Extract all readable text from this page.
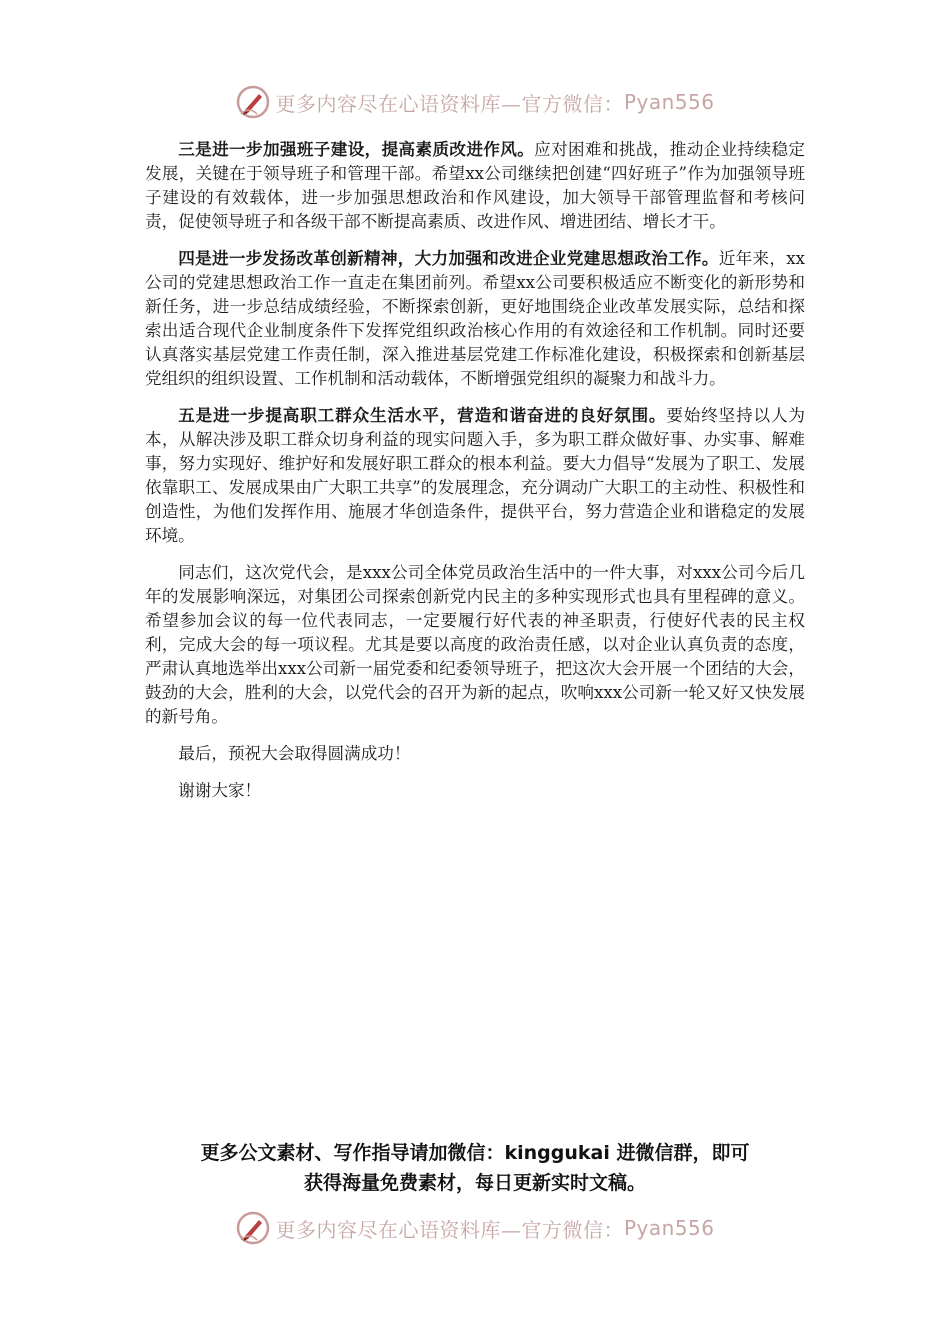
更多内容尽在心语资料库—官方微信： Pyan556

三是进一步加强班子建设，提高素质改进作风。应对困难和挑战，推动企业持续稳定发展，关键在于领导班子和管理干部。希望xx公司继续把创建“四好班子”作为加强领导班子建设的有效载体，进一步加强思想政治和作风建设，加大领导干部管理监督和考核问责，促使领导班子和各级干部不断提高素质、改进作风、增进团结、增长才干。

四是进一步发扬改革创新精神，大力加强和改进企业党建思想政治工作。近年来，xx公司的党建思想政治工作一直走在集团前列。希望xx公司要积极适应不断变化的新形势和新任务，进一步总结成绩经验，不断探索创新，更好地围绕企业改革发展实际，总结和探索出适合现代企业制度条件下发挥党组织政治核心作用的有效途径和工作机制。同时还要认真落实基层党建工作责任制，深入推进基层党建工作标准化建设，积极探索和创新基层党组织的组织设置、工作机制和活动载体，不断增强党组织的凝聚力和战斗力。

五是进一步提高职工群众生活水平，营造和谐奋进的良好氛围。要始终坚持以人为本，从解决涉及职工群众切身利益的现实问题入手，多为职工群众做好事、办实事、解难事，努力实现好、维护好和发展好职工群众的根本利益。要大力倡导“发展为了职工、发展依靠职工、发展成果由广大职工共享”的发展理念，充分调动广大职工的主动性、积极性和创造性，为他们发挥作用、施展才华创造条件，提供平台，努力营造企业和谐稳定的发展环境。

同志们，这次党代会，是xxx公司全体党员政治生活中的一件大事，对xxx公司今后几年的发展影响深远，对集团公司探索创新党内民主的多种实现形式也具有里程碑的意义。希望参加会议的每一位代表同志，一定要履行好代表的神圣职责，行使好代表的民主权利，完成大会的每一项议程。尤其是要以高度的政治责任感，以对企业认真负责的态度，严肃认真地选举出xxx公司新一届党委和纪委领导班子，把这次大会开展一个团结的大会，鼓劲的大会，胜利的大会，以党代会的召开为新的起点，吹响xxx公司新一轮又好又快发展的新号角。

最后，预祝大会取得圆满成功！

谢谢大家！

更多公文素材、写作指导请加微信：kinggukai 进微信群，即可
获得海量免费素材，每日更新实时文稿。
更多内容尽在心语资料库—官方微信： Pyan556
